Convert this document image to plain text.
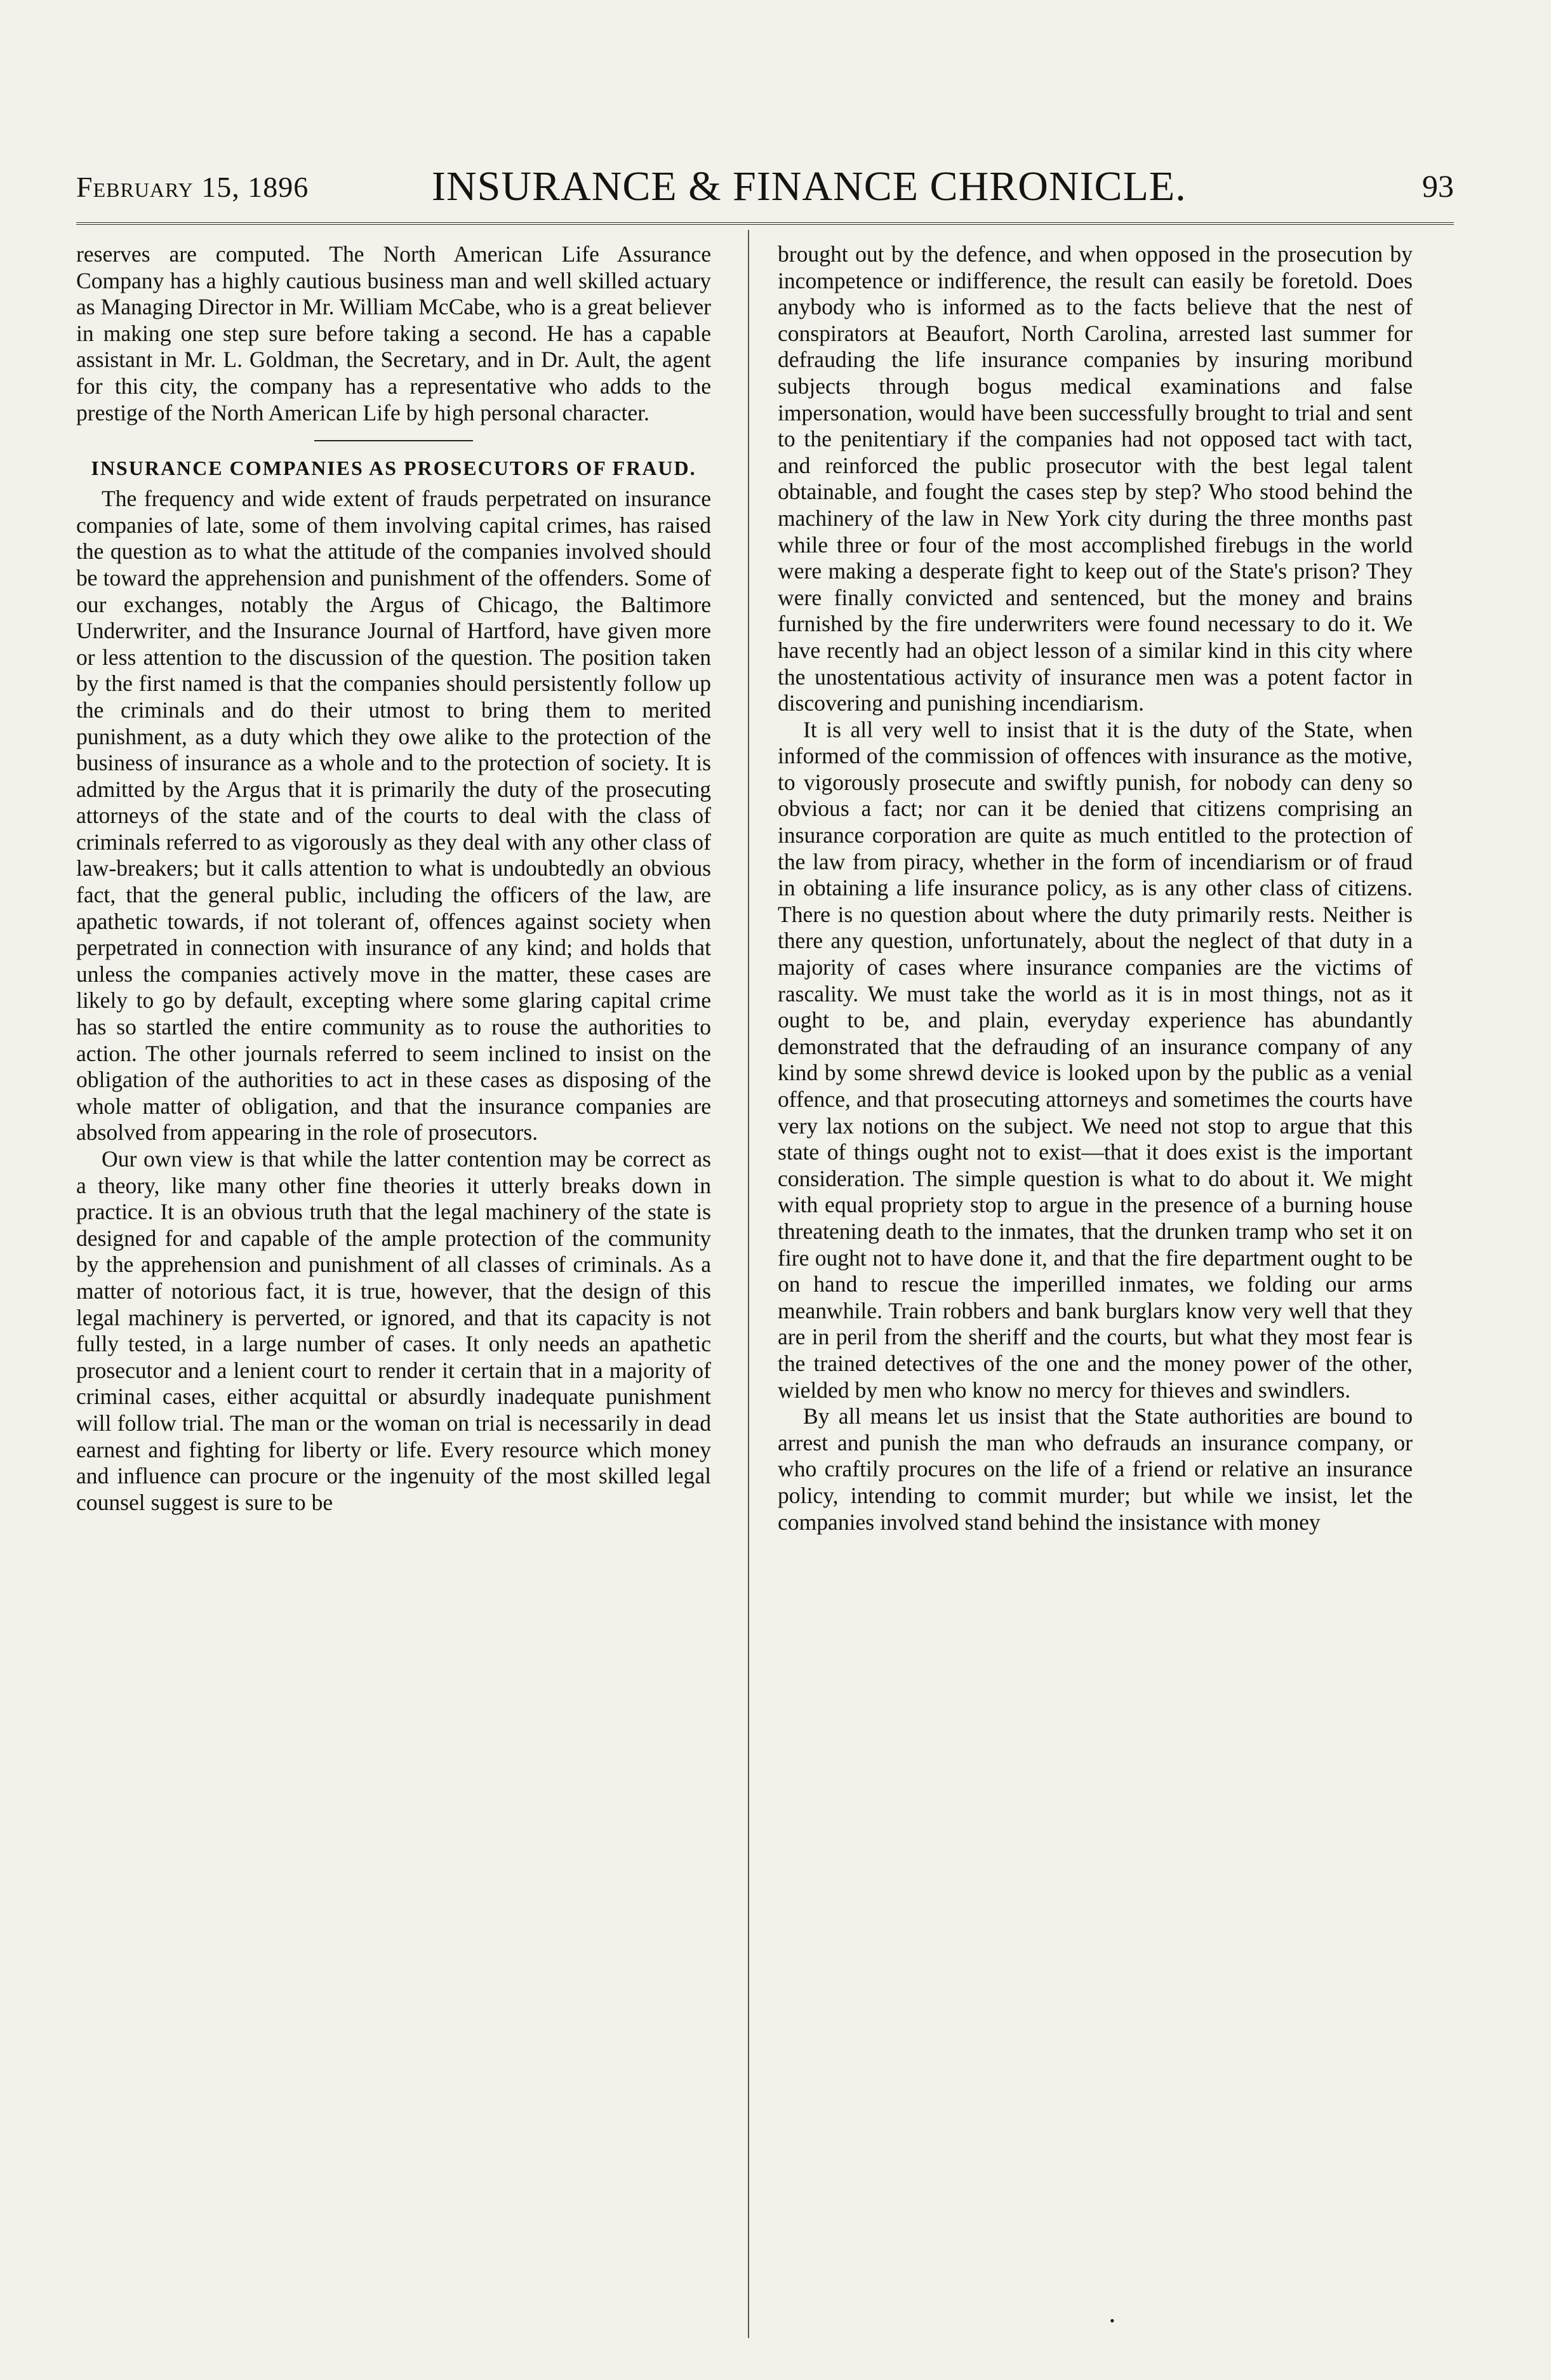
February 15, 1896	INSURANCE & FINANCE CHRONICLE.	93

reserves are computed. The North American Life Assurance Company has a highly cautious business man and well skilled actuary as Managing Director in Mr. William McCabe, who is a great believer in making one step sure before taking a second. He has a capable assistant in Mr. L. Goldman, the Secretary, and in Dr. Ault, the agent for this city, the company has a representative who adds to the prestige of the North American Life by high personal character.

INSURANCE COMPANIES AS PROSECUTORS OF FRAUD.

The frequency and wide extent of frauds perpetrated on insurance companies of late, some of them involving capital crimes, has raised the question as to what the attitude of the companies involved should be toward the apprehension and punishment of the offenders. Some of our exchanges, notably the Argus of Chicago, the Baltimore Underwriter, and the Insurance Journal of Hartford, have given more or less attention to the discussion of the question. The position taken by the first named is that the companies should persistently follow up the criminals and do their utmost to bring them to merited punishment, as a duty which they owe alike to the protection of the business of insurance as a whole and to the protection of society. It is admitted by the Argus that it is primarily the duty of the prosecuting attorneys of the state and of the courts to deal with the class of criminals referred to as vigorously as they deal with any other class of law-breakers; but it calls attention to what is undoubtedly an obvious fact, that the general public, including the officers of the law, are apathetic towards, if not tolerant of, offences against society when perpetrated in connection with insurance of any kind; and holds that unless the companies actively move in the matter, these cases are likely to go by default, excepting where some glaring capital crime has so startled the entire community as to rouse the authorities to action. The other journals referred to seem inclined to insist on the obligation of the authorities to act in these cases as disposing of the whole matter of obligation, and that the insurance companies are absolved from appearing in the role of prosecutors.

Our own view is that while the latter contention may be correct as a theory, like many other fine theories it utterly breaks down in practice. It is an obvious truth that the legal machinery of the state is designed for and capable of the ample protection of the community by the apprehension and punishment of all classes of criminals. As a matter of notorious fact, it is true, however, that the design of this legal machinery is perverted, or ignored, and that its capacity is not fully tested, in a large number of cases. It only needs an apathetic prosecutor and a lenient court to render it certain that in a majority of criminal cases, either acquittal or absurdly inadequate punishment will follow trial. The man or the woman on trial is necessarily in dead earnest and fighting for liberty or life. Every resource which money and influence can procure or the ingenuity of the most skilled legal counsel suggest is sure to be

brought out by the defence, and when opposed in the prosecution by incompetence or indifference, the result can easily be foretold. Does anybody who is informed as to the facts believe that the nest of conspirators at Beaufort, North Carolina, arrested last summer for defrauding the life insurance companies by insuring moribund subjects through bogus medical examinations and false impersonation, would have been successfully brought to trial and sent to the penitentiary if the companies had not opposed tact with tact, and reinforced the public prosecutor with the best legal talent obtainable, and fought the cases step by step? Who stood behind the machinery of the law in New York city during the three months past while three or four of the most accomplished firebugs in the world were making a desperate fight to keep out of the State's prison? They were finally convicted and sentenced, but the money and brains furnished by the fire underwriters were found necessary to do it. We have recently had an object lesson of a similar kind in this city where the unostentatious activity of insurance men was a potent factor in discovering and punishing incendiarism.

It is all very well to insist that it is the duty of the State, when informed of the commission of offences with insurance as the motive, to vigorously prosecute and swiftly punish, for nobody can deny so obvious a fact; nor can it be denied that citizens comprising an insurance corporation are quite as much entitled to the protection of the law from piracy, whether in the form of incendiarism or of fraud in obtaining a life insurance policy, as is any other class of citizens. There is no question about where the duty primarily rests. Neither is there any question, unfortunately, about the neglect of that duty in a majority of cases where insurance companies are the victims of rascality. We must take the world as it is in most things, not as it ought to be, and plain, everyday experience has abundantly demonstrated that the defrauding of an insurance company of any kind by some shrewd device is looked upon by the public as a venial offence, and that prosecuting attorneys and sometimes the courts have very lax notions on the subject. We need not stop to argue that this state of things ought not to exist—that it does exist is the important consideration. The simple question is what to do about it. We might with equal propriety stop to argue in the presence of a burning house threatening death to the inmates, that the drunken tramp who set it on fire ought not to have done it, and that the fire department ought to be on hand to rescue the imperilled inmates, we folding our arms meanwhile. Train robbers and bank burglars know very well that they are in peril from the sheriff and the courts, but what they most fear is the trained detectives of the one and the money power of the other, wielded by men who know no mercy for thieves and swindlers.

By all means let us insist that the State authorities are bound to arrest and punish the man who defrauds an insurance company, or who craftily procures on the life of a friend or relative an insurance policy, intending to commit murder; but while we insist, let the companies involved stand behind the insistance with money

•
